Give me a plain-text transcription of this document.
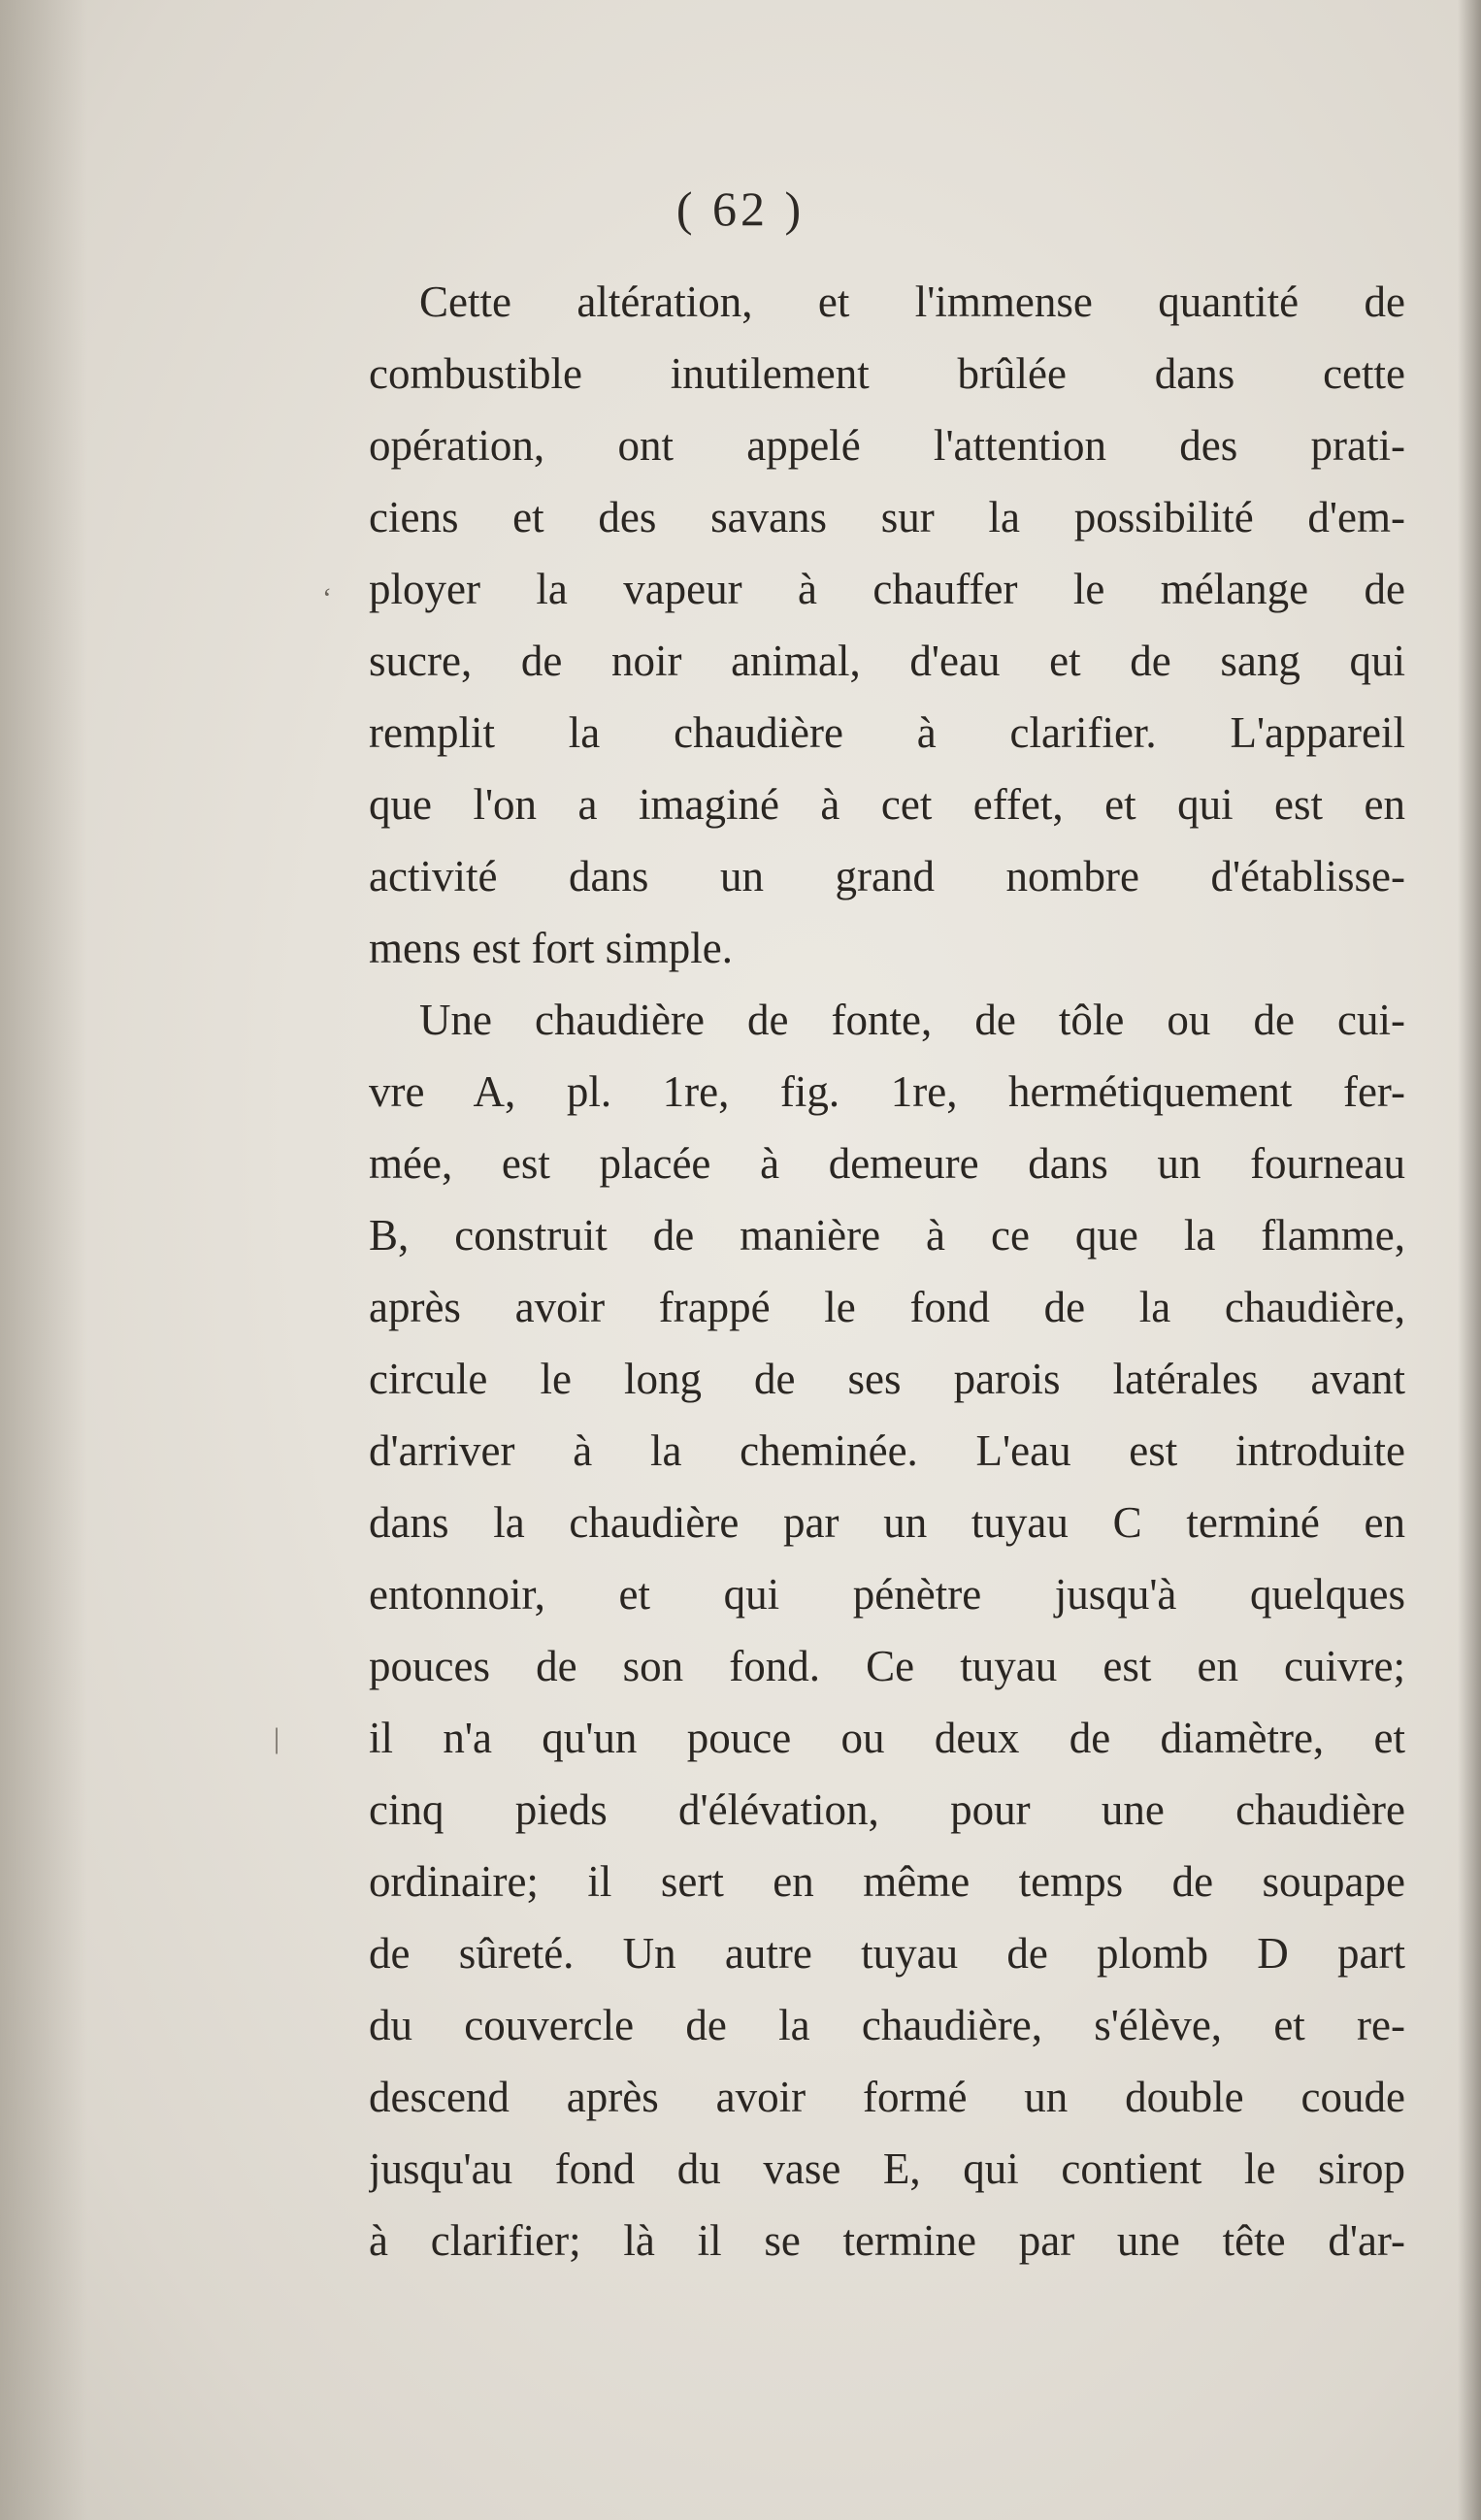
( 62 )

Cette altération, et l'immense quantité de
combustible inutilement brûlée dans cette
opération, ont appelé l'attention des prati-
ciens et des savans sur la possibilité d'em-
ployer la vapeur à chauffer le mélange de
sucre, de noir animal, d'eau et de sang qui
remplit la chaudière à clarifier. L'appareil
que l'on a imaginé à cet effet, et qui est en
activité dans un grand nombre d'établisse-
mens est fort simple.

Une chaudière de fonte, de tôle ou de cui-
vre A, pl. 1re, fig. 1re, hermétiquement fer-
mée, est placée à demeure dans un fourneau
B, construit de manière à ce que la flamme,
après avoir frappé le fond de la chaudière,
circule le long de ses parois latérales avant
d'arriver à la cheminée. L'eau est introduite
dans la chaudière par un tuyau C terminé en
entonnoir, et qui pénètre jusqu'à quelques
pouces de son fond. Ce tuyau est en cuivre;
il n'a qu'un pouce ou deux de diamètre, et
cinq pieds d'élévation, pour une chaudière
ordinaire; il sert en même temps de soupape
de sûreté. Un autre tuyau de plomb D part
du couvercle de la chaudière, s'élève, et re-
descend après avoir formé un double coude
jusqu'au fond du vase E, qui contient le sirop
à clarifier; là il se termine par une tête d'ar-

‘
|
